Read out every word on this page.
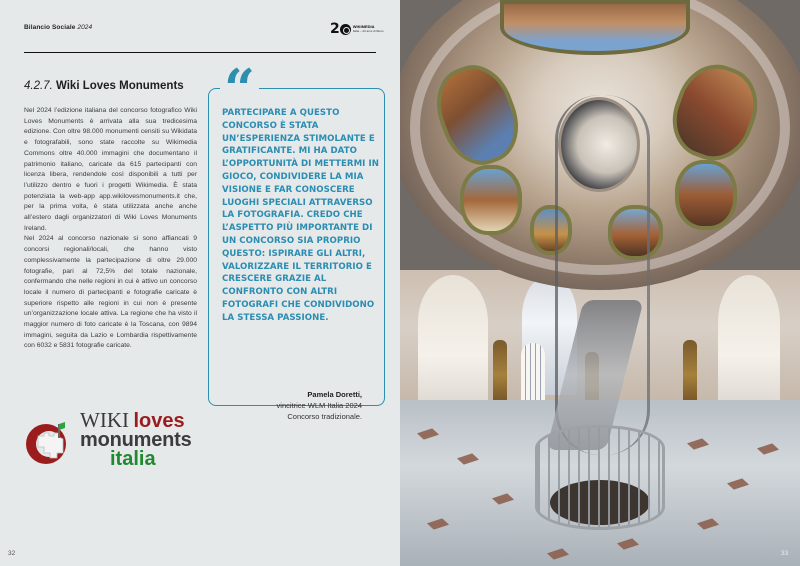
Bilancio Sociale 2024
4.2.7. Wiki Loves Monuments

Nel 2024 l’edizione italiana del concorso fotografico Wiki Loves Monuments è arrivata alla sua tredicesima edizione. Con oltre 98.000 monumenti censiti su Wikidata e fotografabili, sono state raccolte su Wikimedia Commons oltre 40.000 immagini che documentano il patrimonio italiano, caricate da 615 partecipanti con licenza libera, rendendole così disponibili a tutti per l’utilizzo dentro e fuori i progetti Wikimedia. È stata potenziata la web-app app.wikilovesmonuments.it che, per la prima volta, è stata utilizzata anche anche all’estero dagli organizzatori di Wiki Loves Monuments Ireland.

Nel 2024 al concorso nazionale si sono affiancati 9 concorsi regionali/locali, che hanno visto complessivamente la partecipazione di oltre 29.000 fotografie, pari al 72,5% del totale nazionale, confermando che nelle regioni in cui è attivo un concorso locale il numero di partecipanti e fotografie caricate è superiore rispetto alle regioni in cui non è presente un’organizzazione locale attiva. La regione che ha visto il maggior numero di foto caricate è la Toscana, con 9894 immagini, seguita da Lazio e Lombardia rispettivamente con 6032 e 5831 fotografie caricate.

WIKI loves
monuments
italia
“
PARTECIPARE A QUESTO CONCORSO È STATA UN’ESPERIENZA STIMOLANTE E GRATIFICANTE. MI HA DATO L’OPPORTUNITÀ DI METTERMI IN GIOCO, CONDIVIDERE LA MIA VISIONE E FAR CONOSCERE LUOGHI SPECIALI ATTRAVERSO LA FOTOGRAFIA. CREDO CHE L’ASPETTO PIÙ IMPORTANTE DI UN CONCORSO SIA PROPRIO QUESTO: ISPIRARE GLI ALTRI, VALORIZZARE IL TERRITORIO E CRESCERE GRAZIE AL CONFRONTO CON ALTRI FOTOGRAFI CHE CONDIVIDONO LA STESSA PASSIONE.
Pamela Doretti,
vincitrice WLM Italia 2024
Concorso tradizionale.
32
2	WIKIMEDIA
Italia – 20 anni di libero
33
